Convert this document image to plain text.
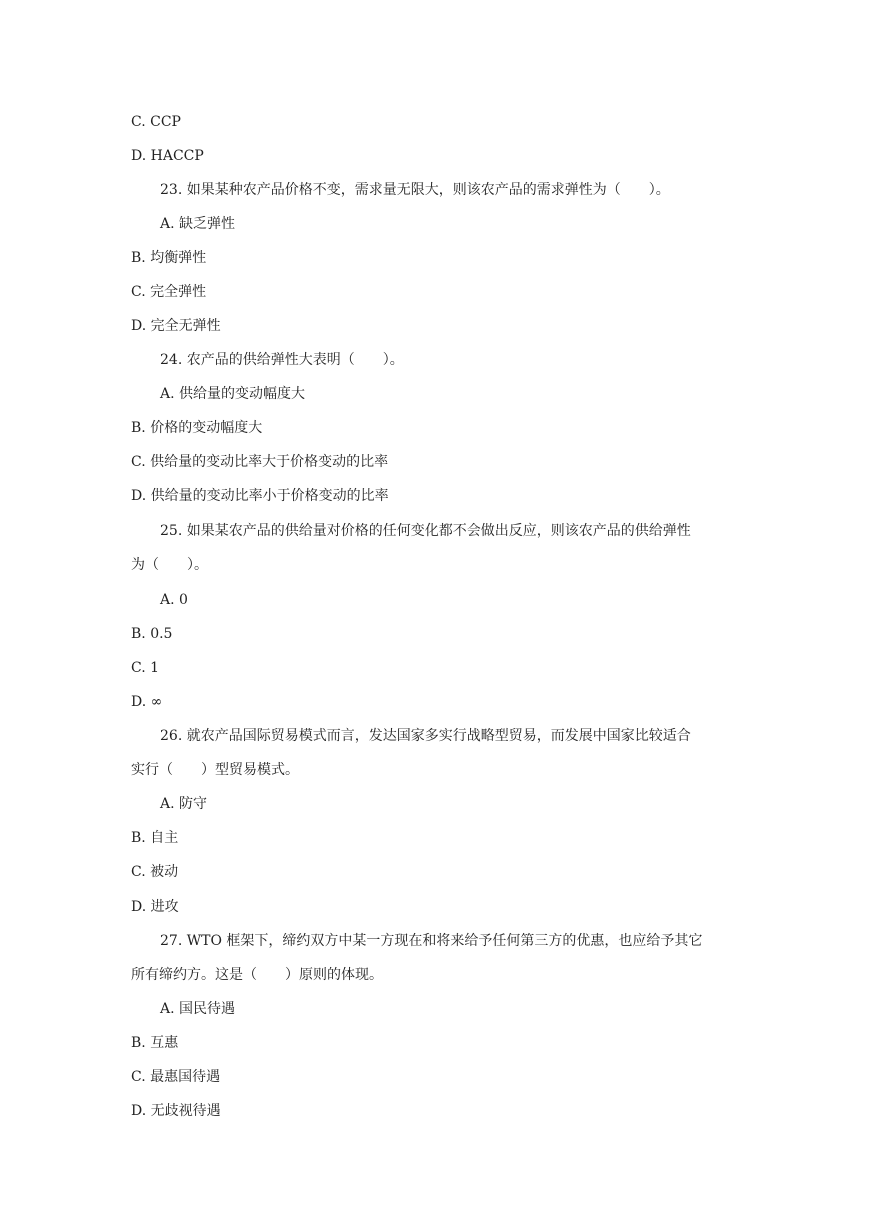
C. CCP
D. HACCP
23. 如果某种农产品价格不变，需求量无限大，则该农产品的需求弹性为（　　）。
A. 缺乏弹性
B. 均衡弹性
C. 完全弹性
D. 完全无弹性
24. 农产品的供给弹性大表明（　　）。
A. 供给量的变动幅度大
B. 价格的变动幅度大
C. 供给量的变动比率大于价格变动的比率
D. 供给量的变动比率小于价格变动的比率
25. 如果某农产品的供给量对价格的任何变化都不会做出反应，则该农产品的供给弹性
为（　　）。
A. 0
B. 0.5
C. 1
D. ∞
26. 就农产品国际贸易模式而言，发达国家多实行战略型贸易，而发展中国家比较适合
实行（　　）型贸易模式。
A. 防守
B. 自主
C. 被动
D. 进攻
27. WTO 框架下，缔约双方中某一方现在和将来给予任何第三方的优惠，也应给予其它
所有缔约方。这是（　　）原则的体现。
A. 国民待遇
B. 互惠
C. 最惠国待遇
D. 无歧视待遇
